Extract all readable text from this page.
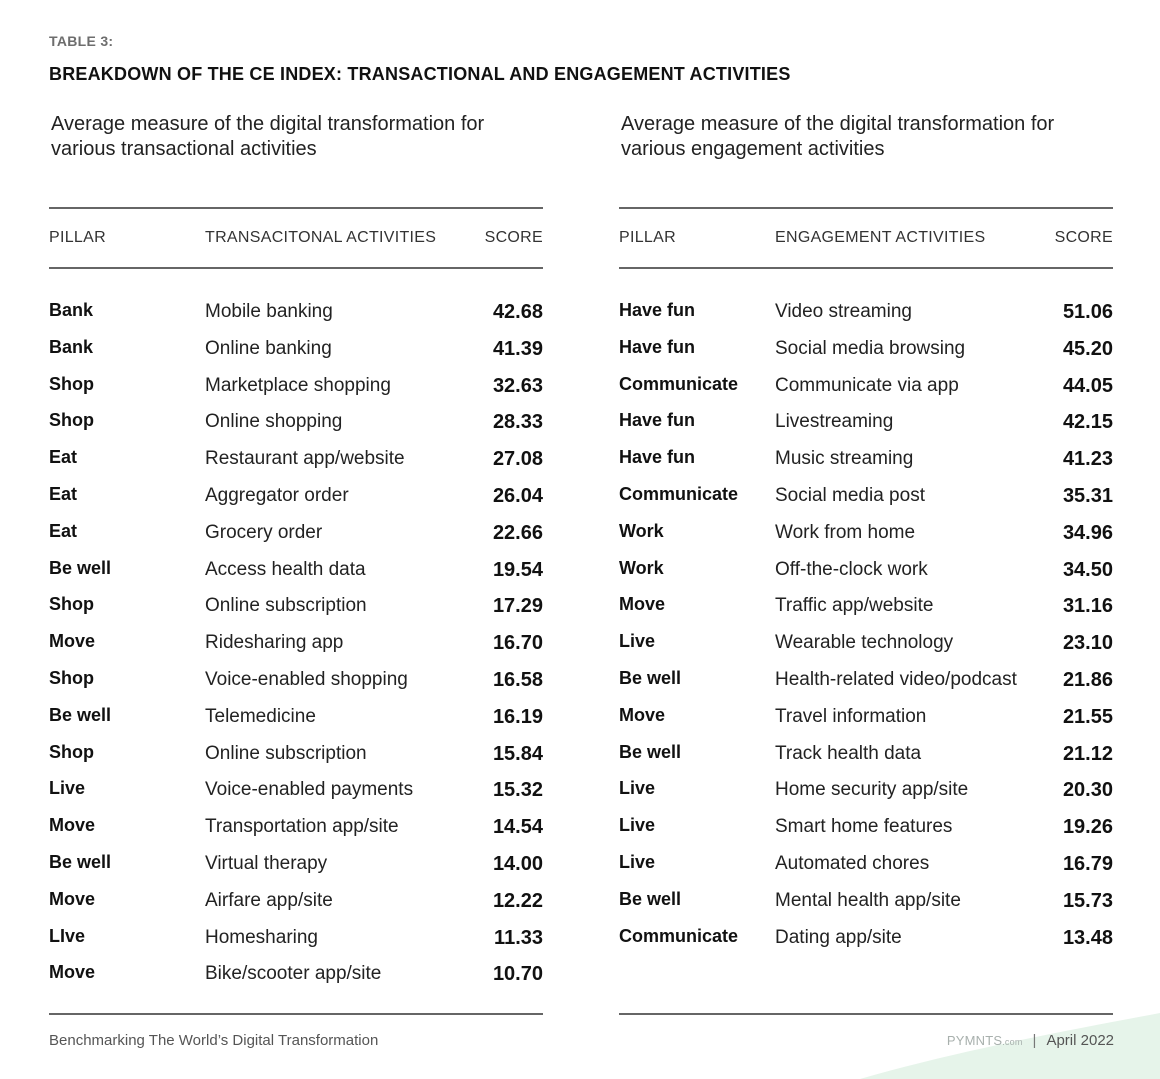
TABLE 3:
BREAKDOWN OF THE CE INDEX: TRANSACTIONAL AND ENGAGEMENT ACTIVITIES
Average measure of the digital transformation for various transactional activities
PILLAR	TRANSACITONAL ACTIVITIES	SCORE
Bank	Mobile banking	42.68
Bank	Online banking	41.39
Shop	Marketplace shopping	32.63
Shop	Online shopping	28.33
Eat	Restaurant app/website	27.08
Eat	Aggregator order	26.04
Eat	Grocery order	22.66
Be well	Access health data	19.54
Shop	Online subscription	17.29
Move	Ridesharing app	16.70
Shop	Voice-enabled shopping	16.58
Be well	Telemedicine	16.19
Shop	Online subscription	15.84
Live	Voice-enabled payments	15.32
Move	Transportation app/site	14.54
Be well	Virtual therapy	14.00
Move	Airfare app/site	12.22
LIve	Homesharing	11.33
Move	Bike/scooter app/site	10.70
Average measure of the digital transformation for various engagement activities
PILLAR	ENGAGEMENT ACTIVITIES	SCORE
Have fun	Video streaming	51.06
Have fun	Social media browsing	45.20
Communicate Communicate via app	44.05
Have fun	Livestreaming	42.15
Have fun	Music streaming	41.23
Communicate Social media post	35.31
Work	Work from home	34.96
Work	Off-the-clock work	34.50
Move	Traffic app/website	31.16
Live	Wearable technology	23.10
Be well	Health-related video/podcast 21.86
Move	Travel information	21.55
Be well	Track health data	21.12
Live	Home security app/site	20.30
Live	Smart home features	19.26
Live	Automated chores	16.79
Be well	Mental health app/site	15.73
Communicate Dating app/site	13.48
Benchmarking The World’s Digital Transformation	PYMNTS.com | April 2022
